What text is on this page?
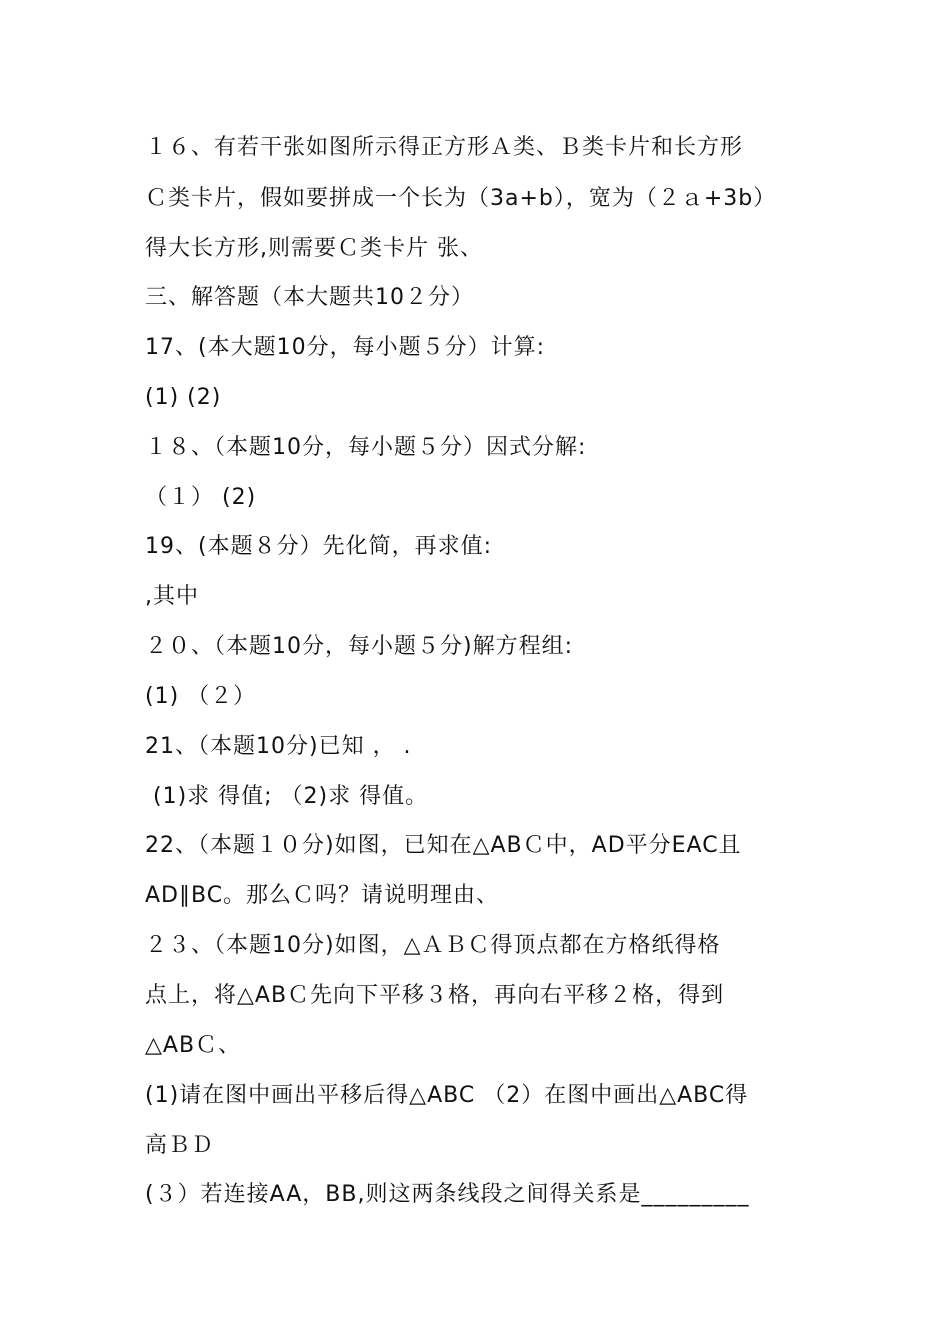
１６、有若干张如图所示得正方形Ａ类、Ｂ类卡片和长方形
Ｃ类卡片，假如要拼成一个长为（3a+b），宽为（２ａ+3b）
得大长方形,则需要Ｃ类卡片 张、
三、解答题（本大题共10２分）
17、(本大题10分，每小题５分）计算:
(1) (2)
１８、（本题10分，每小题５分）因式分解:
（１） (2)
19、(本题８分）先化简，再求值:
,其中
２０、（本题10分，每小题５分)解方程组:
(1) （２）
21、（本题10分)已知 ， .
(1)求 得值; （2)求 得值。
22、（本题１０分)如图，已知在△ABＣ中，AD平分EAC且
AD∥BC。那么Ｃ吗？请说明理由、
２３、（本题10分)如图，△ＡＢＣ得顶点都在方格纸得格
点上，将△ABＣ先向下平移３格，再向右平移２格，得到
△ABＣ、
(1)请在图中画出平移后得△ABC （2）在图中画出△ABC得
高ＢＤ
(３）若连接AA，BB,则这两条线段之间得关系是_________
